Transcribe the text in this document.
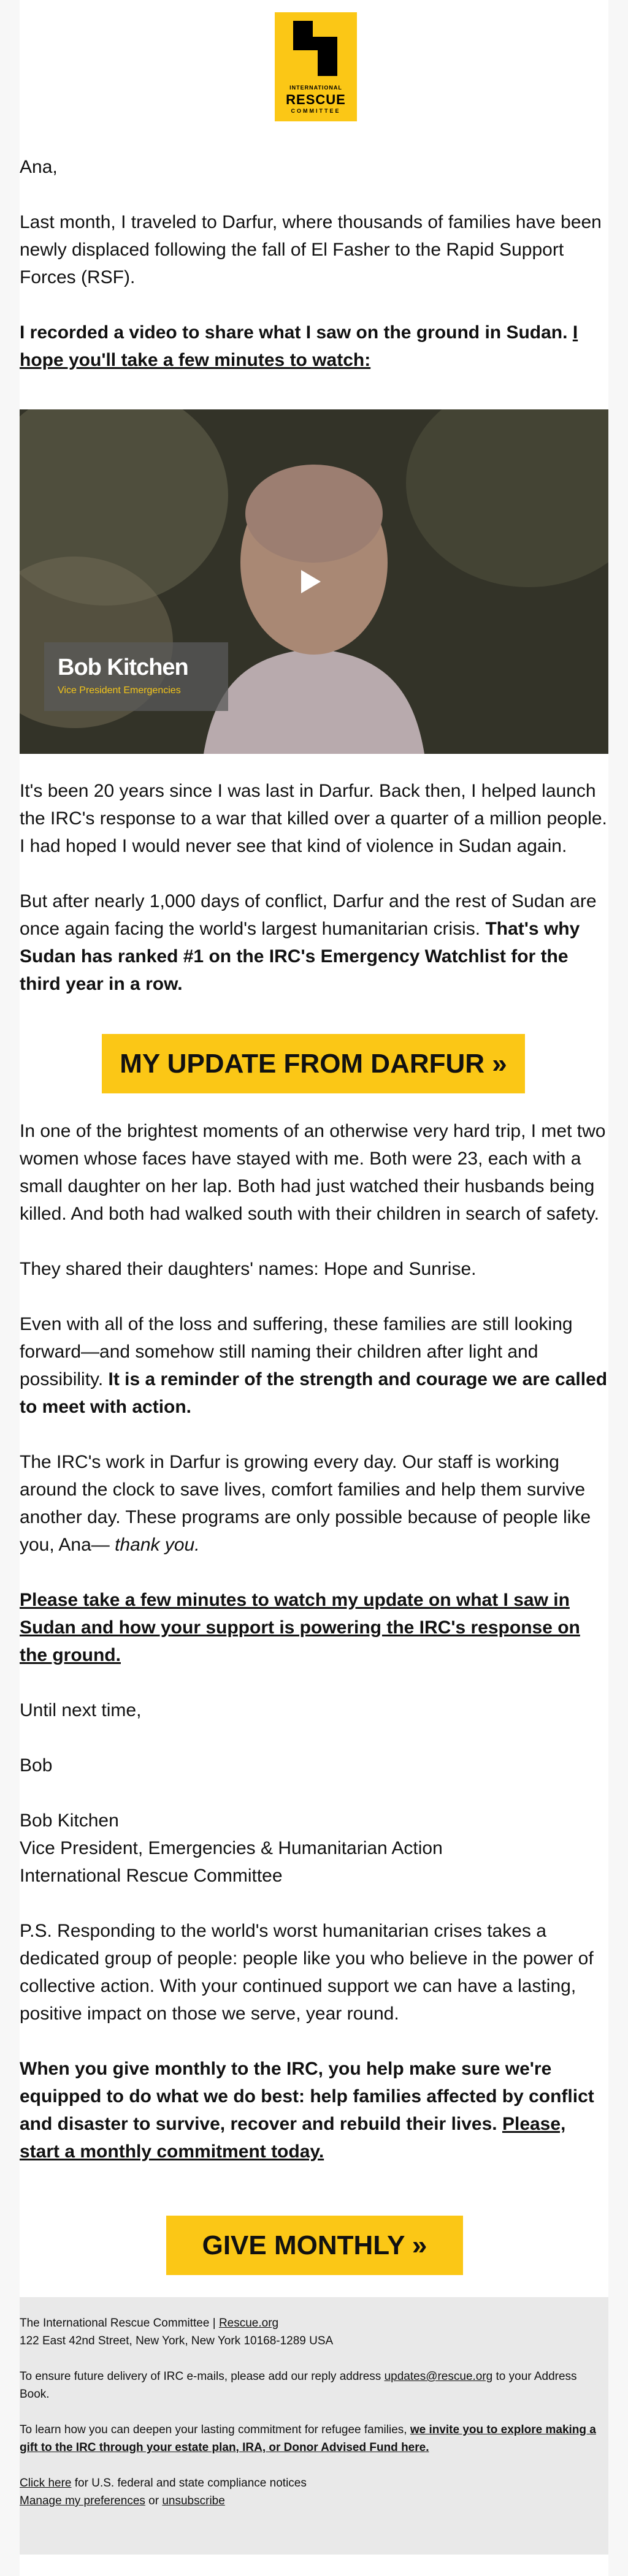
INTERNATIONAL
RESCUE
COMMITTEE

Ana,

Last month, I traveled to Darfur, where thousands of families have been newly displaced following the fall of El Fasher to the Rapid Support Forces (RSF).

I recorded a video to share what I saw on the ground in Sudan. I hope you'll take a few minutes to watch:

Bob Kitchen
Vice President Emergencies

It's been 20 years since I was last in Darfur. Back then, I helped launch the IRC's response to a war that killed over a quarter of a million people. I had hoped I would never see that kind of violence in Sudan again.

But after nearly 1,000 days of conflict, Darfur and the rest of Sudan are once again facing the world's largest humanitarian crisis. That's why Sudan has ranked #1 on the IRC's Emergency Watchlist for the third year in a row.

MY UPDATE FROM DARFUR »

In one of the brightest moments of an otherwise very hard trip, I met two women whose faces have stayed with me. Both were 23, each with a small daughter on her lap. Both had just watched their husbands being killed. And both had walked south with their children in search of safety.

They shared their daughters' names: Hope and Sunrise.

Even with all of the loss and suffering, these families are still looking forward—and somehow still naming their children after light and possibility. It is a reminder of the strength and courage we are called to meet with action.

The IRC's work in Darfur is growing every day. Our staff is working around the clock to save lives, comfort families and help them survive another day. These programs are only possible because of people like you, Ana— thank you.

Please take a few minutes to watch my update on what I saw in Sudan and how your support is powering the IRC's response on the ground.

Until next time,

Bob

Bob Kitchen

Vice President, Emergencies & Humanitarian Action

International Rescue Committee

P.S. Responding to the world's worst humanitarian crises takes a dedicated group of people: people like you who believe in the power of collective action. With your continued support we can have a lasting, positive impact on those we serve, year round.

When you give monthly to the IRC, you help make sure we're equipped to do what we do best: help families affected by conflict and disaster to survive, recover and rebuild their lives. Please, start a monthly commitment today.

GIVE MONTHLY »

The International Rescue Committee | Rescue.org

122 East 42nd Street, New York, New York 10168-1289 USA

To ensure future delivery of IRC e-mails, please add our reply address updates@rescue.org to your Address Book.

To learn how you can deepen your lasting commitment for refugee families, we invite you to explore making a gift to the IRC through your estate plan, IRA, or Donor Advised Fund here.

Click here for U.S. federal and state compliance notices

Manage my preferences or unsubscribe
